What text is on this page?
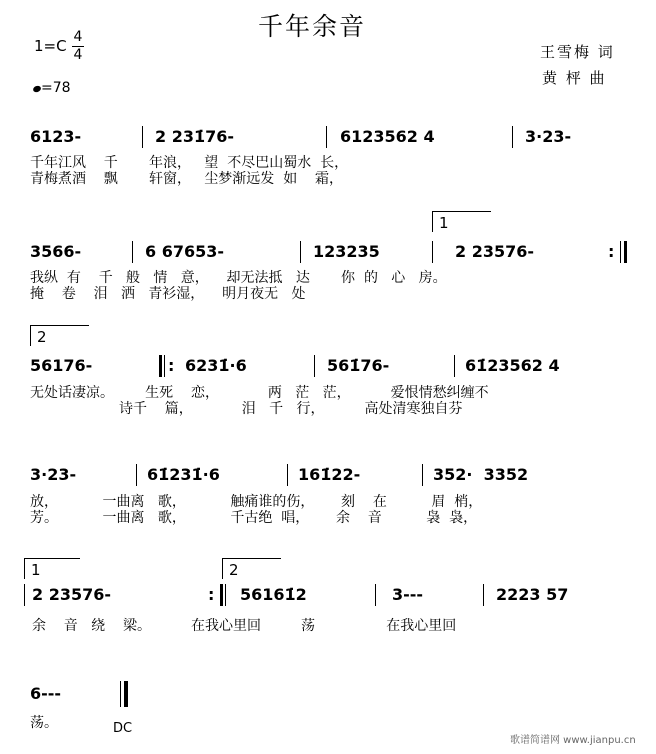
千年余音
1=C 4
4
=78
王雪梅 词
黄 枰 曲
6123-	2 231̇76-	6123562 4	3·23-
千年江风    千       年浪，   望  不尽巴山蜀水  长，
青梅煮酒    飘       轩窗，   尘梦渐远发  如    霜，
1
3566-	6 67653-	123235	2 23576-	:
我纵  有    千   般   情   意，    却无法抵   达       你  的   心   房。
掩    卷    泪   洒   青衫湿，    明月夜无   处
2
56176-	: 6231̇·6	561̇76-	61̇23562 4
无处话凄凉。       生死    恋，           两   茫   茫，         爱恨情愁纠缠不
诗千    篇，           泪   千   行，         高处清寒独自芬
3·23-	61̇231̇·6	161̇22-	352·  3352
放，          一曲离   歌，          触痛谁的伤，      刻    在          眉  梢，
芳。          一曲离   歌，          千古绝  唱，      余    音          袅  袅，
1	2
:
2 23576-	56161̇2	3---	2223 57
余    音   绕    梁。         在我心里回         荡                在我心里回
6---
荡。	DC
歌谱简谱网 www.jianpu.cn
